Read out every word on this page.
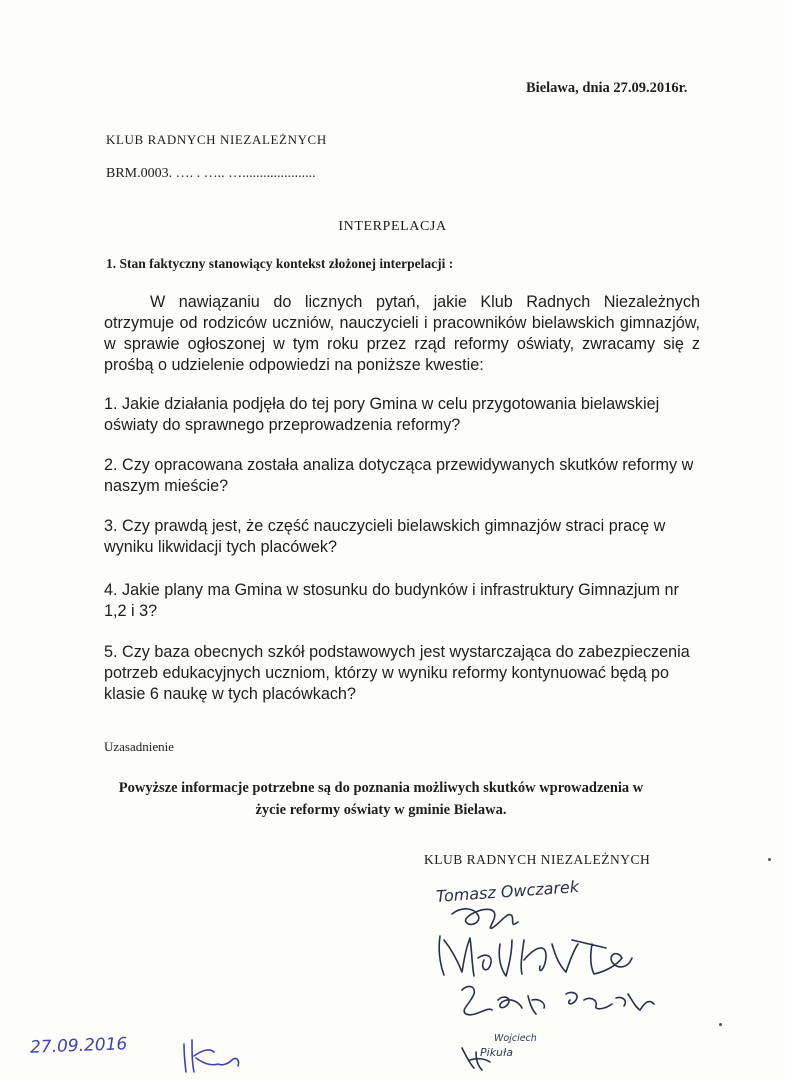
Bielawa, dnia 27.09.2016r.
KLUB RADNYCH NIEZALEŻNYCH
BRM.0003. …. . ….. ….....................
INTERPELACJA
1. Stan faktyczny stanowiący kontekst złożonej interpelacji :
W nawiązaniu do licznych pytań, jakie Klub Radnych Niezależnych otrzymuje od rodziców uczniów, nauczycieli i pracowników bielawskich gimnazjów, w sprawie ogłoszonej w tym roku przez rząd reformy oświaty, zwracamy się z prośbą o udzielenie odpowiedzi na poniższe kwestie:
1. Jakie działania podjęła do tej pory Gmina w celu przygotowania bielawskiej oświaty do sprawnego przeprowadzenia reformy?
2. Czy opracowana została analiza dotycząca przewidywanych skutków reformy w naszym mieście?
3. Czy prawdą jest, że część nauczycieli bielawskich gimnazjów straci pracę w wyniku likwidacji tych placówek?
4. Jakie plany ma Gmina w stosunku do budynków i infrastruktury Gimnazjum nr 1,2 i 3?
5. Czy baza obecnych szkół podstawowych jest wystarczająca do zabezpieczenia potrzeb edukacyjnych uczniom, którzy w wyniku reformy kontynuować będą po klasie 6 naukę w tych placówkach?
Uzasadnienie
Powyższe informacje potrzebne są do poznania możliwych skutków wprowadzenia w życie reformy oświaty w gminie Bielawa.
KLUB RADNYCH NIEZALEŻNYCH
Tomasz Owczarek
Wojciech
Pikuła
27.09.2016
